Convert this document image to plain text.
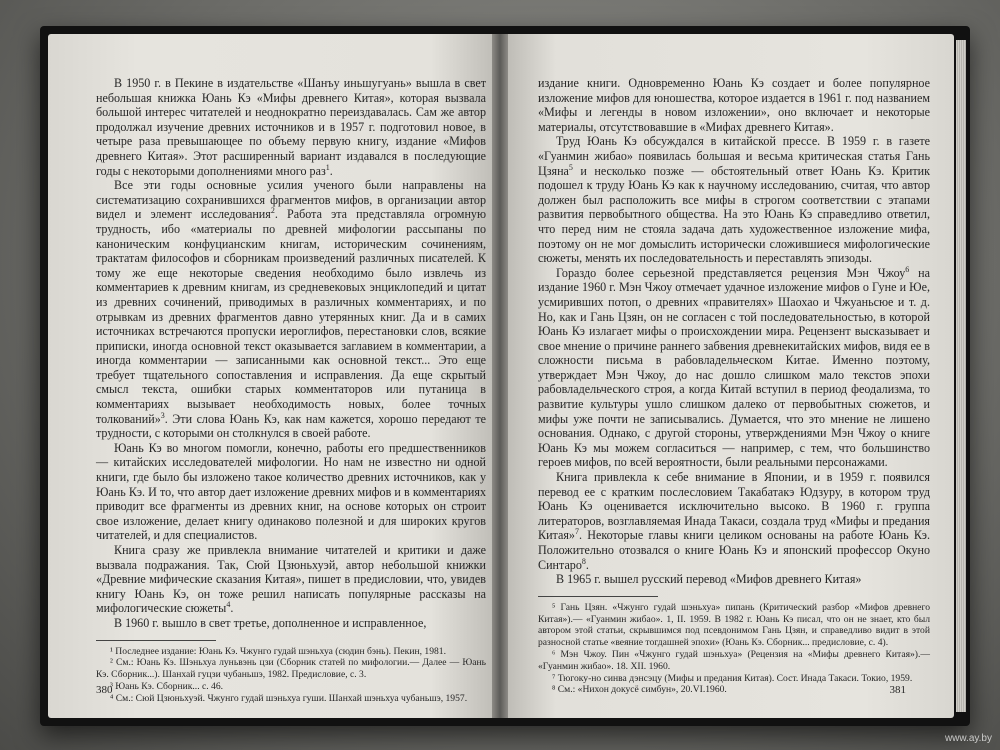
В 1950 г. в Пекине в издательстве «Шанъу иньшугуань» вышла в свет небольшая книжка Юань Кэ «Мифы древнего Китая», которая вызвала большой интерес читателей и неоднократно переиздавалась. Сам же автор продолжал изучение древних источников и в 1957 г. подготовил новое, в четыре раза превышающее по объему первую книгу, издание «Мифов древнего Китая». Этот расширенный вариант издавался в последующие годы с некоторыми дополнениями много раз$^1$.

Все эти годы основные усилия ученого были направлены на систематизацию сохранившихся фрагментов мифов, в организации автор видел и элемент исследования$^2$. Работа эта представляла огромную трудность, ибо «материалы по древней мифологии рассыпаны по каноническим конфуцианским книгам, историческим сочинениям, трактатам философов и сборникам произведений различных писателей. К тому же еще некоторые сведения необходимо было извлечь из комментариев к древним книгам, из средневековых энциклопедий и цитат из древних сочинений, приводимых в различных комментариях, и по отрывкам из древних фрагментов давно утерянных книг. Да и в самих источниках встречаются пропуски иероглифов, перестановки слов, всякие приписки, иногда основной текст оказывается заглавием в комментарии, а иногда комментарии — записанными как основной текст... Это еще требует тщательного сопоставления и исправления. Да еще скрытый смысл текста, ошибки старых комментаторов или путаница в комментариях вызывает необходимость новых, более точных толкований»$^3$. Эти слова Юань Кэ, как нам кажется, хорошо передают те трудности, с которыми он столкнулся в своей работе.

Юань Кэ во многом помогли, конечно, работы его предшественников — китайских исследователей мифологии. Но нам не известно ни одной книги, где было бы изложено такое количество древних источников, как у Юань Кэ. И то, что автор дает изложение древних мифов и в комментариях приводит все фрагменты из древних книг, на основе которых он строит свое изложение, делает книгу одинаково полезной и для широких кругов читателей, и для специалистов.

Книга сразу же привлекла внимание читателей и критики и даже вызвала подражания. Так, Сюй Цзюньхуэй, автор небольшой книжки «Древние мифические сказания Китая», пишет в предисловии, что, увидев книгу Юань Кэ, он тоже решил написать популярные рассказы на мифологические сюжеты$^4$.

В 1960 г. вышло в свет третье, дополненное и исправленное,

¹ Последнее издание: Юань Кэ. Чжунго гудай шэньхуа (сюдин бэнь). Пекин, 1981.

² См.: Юань Кэ. Шэньхуа луньвэнь цзи (Сборник статей по мифологии.— Далее — Юань Кэ. Сборник...). Шанхай гуцзи чубаньшэ, 1982. Предисловие, с. 3.

³ Юань Кэ. Сборник... с. 46.

⁴ См.: Сюй Цзюньхуэй. Чжунго гудай шэньхуа гуши. Шанхай шэньхуа чубаньшэ, 1957.

380

издание книги. Одновременно Юань Кэ создает и более популярное изложение мифов для юношества, которое издается в 1961 г. под названием «Мифы и легенды в новом изложении», оно включает и некоторые материалы, отсутствовавшие в «Мифах древнего Китая».

Труд Юань Кэ обсуждался в китайской прессе. В 1959 г. в газете «Гуанмин жибао» появилась большая и весьма критическая статья Гань Цзяна$^5$ и несколько позже — обстоятельный ответ Юань Кэ. Критик подошел к труду Юань Кэ как к научному исследованию, считая, что автор должен был расположить все мифы в строгом соответствии с этапами развития первобытного общества. На это Юань Кэ справедливо ответил, что перед ним не стояла задача дать художественное изложение мифа, поэтому он не мог домыслить исторически сложившиеся мифологические сюжеты, менять их последовательность и переставлять эпизоды.

Гораздо более серьезной представляется рецензия Мэн Чжоу$^6$ на издание 1960 г. Мэн Чжоу отмечает удачное изложение мифов о Гуне и Юе, усмиривших потоп, о древних «правителях» Шаохао и Чжуаньсюе и т. д. Но, как и Гань Цзян, он не согласен с той последовательностью, в которой Юань Кэ излагает мифы о происхождении мира. Рецензент высказывает и свое мнение о причине раннего забвения древнекитайских мифов, видя ее в сложности письма в рабовладельческом Китае. Именно поэтому, утверждает Мэн Чжоу, до нас дошло слишком мало текстов эпохи рабовладельческого строя, а когда Китай вступил в период феодализма, то развитие культуры ушло слишком далеко от первобытных сюжетов, и мифы уже почти не записывались. Думается, что это мнение не лишено основания. Однако, с другой стороны, утверждениями Мэн Чжоу о книге Юань Кэ мы можем согласиться — например, с тем, что большинство героев мифов, по всей вероятности, были реальными персонажами.

Книга привлекла к себе внимание в Японии, и в 1959 г. появился перевод ее с кратким послесловием Такабатакэ Юдзуру, в котором труд Юань Кэ оценивается исключительно высоко. В 1960 г. группа литераторов, возглавляемая Инада Такаси, создала труд «Мифы и предания Китая»$^7$. Некоторые главы книги целиком основаны на работе Юань Кэ. Положительно отозвался о книге Юань Кэ и японский профессор Окуно Синтаро$^8$.

В 1965 г. вышел русский перевод «Мифов древнего Китая»

⁵ Гань Цзян. «Чжунго гудай шэньхуа» пипань (Критический разбор «Мифов древнего Китая»).— «Гуанмин жибао». 1, II. 1959. В 1982 г. Юань Кэ писал, что он не знает, кто был автором этой статьи, скрывшимся под псевдонимом Гань Цзян, и справедливо видит в этой разносной статье «веяние тогдашней эпохи» (Юань Кэ. Сборник... предисловие, с. 4).

⁶ Мэн Чжоу. Пин «Чжунго гудай шэньхуа» (Рецензия на «Мифы древнего Китая»).— «Гуанмин жибао». 18. XII. 1960.

⁷ Тюгоку-но синва дэнсэцу (Мифы и предания Китая). Сост. Инада Такаси. Токио, 1959.

⁸ См.: «Нихон докусё симбун», 20.VI.1960.	381
www.ay.by
